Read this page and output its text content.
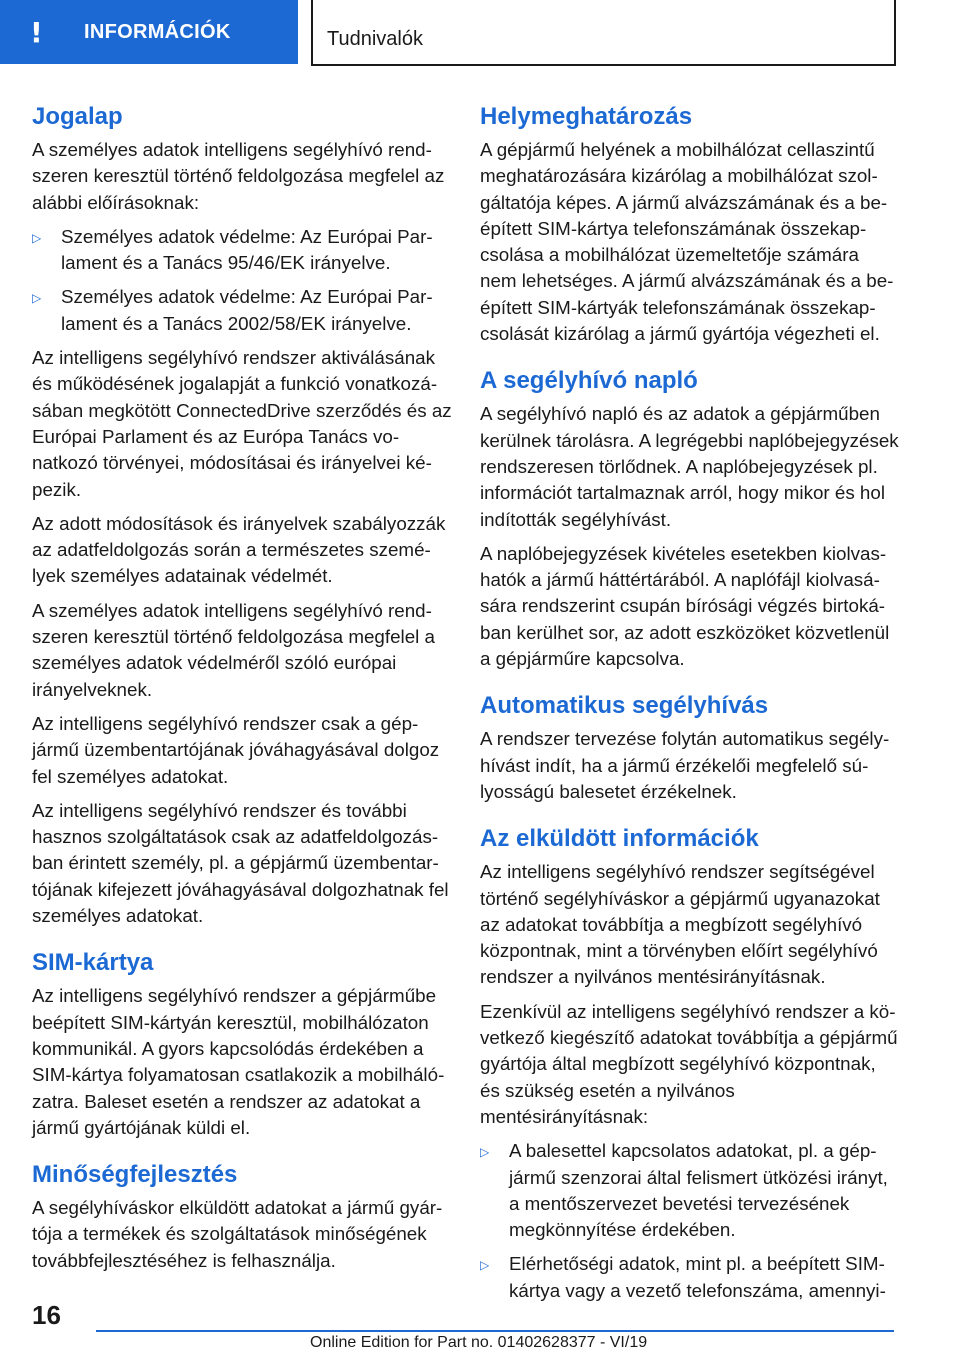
!	INFORMÁCIÓK	Tudnivalók
Jogalap

A személyes adatok intelligens segélyhívó rendszeren keresztül történő feldolgozása megfelel az alábbi előírásoknak:

▷ Személyes adatok védelme: Az Európai Parlament és a Tanács 95/46/EK irányelve.
▷ Személyes adatok védelme: Az Európai Parlament és a Tanács 2002/58/EK irányelve.

Az intelligens segélyhívó rendszer aktiválásának és működésének jogalapját a funkció vonatkozásában megkötött ConnectedDrive szerződés és az Európai Parlament és az Európa Tanács vonatkozó törvényei, módosításai és irányelvei képezik.

Az adott módosítások és irányelvek szabályozzák az adatfeldolgozás során a természetes személyek személyes adatainak védelmét.

A személyes adatok intelligens segélyhívó rendszeren keresztül történő feldolgozása megfelel a személyes adatok védelméről szóló európai irányelveknek.

Az intelligens segélyhívó rendszer csak a gépjármű üzembentartójának jóváhagyásával dolgoz fel személyes adatokat.

Az intelligens segélyhívó rendszer és további hasznos szolgáltatások csak az adatfeldolgozásban érintett személy, pl. a gépjármű üzembentartójának kifejezett jóváhagyásával dolgozhatnak fel személyes adatokat.

SIM-kártya

Az intelligens segélyhívó rendszer a gépjárműbe beépített SIM-kártyán keresztül, mobilhálózaton kommunikál. A gyors kapcsolódás érdekében a SIM-kártya folyamatosan csatlakozik a mobilhálózatra. Baleset esetén a rendszer az adatokat a jármű gyártójának küldi el.

Minőségfejlesztés

A segélyhíváskor elküldött adatokat a jármű gyártója a termékek és szolgáltatások minőségének továbbfejlesztéséhez is felhasználja.

Helymeghatározás

A gépjármű helyének a mobilhálózat cellaszintű meghatározására kizárólag a mobilhálózat szolgáltatója képes. A jármű alvázszámának és a beépített SIM-kártya telefonszámának összekapcsolása a mobilhálózat üzemeltetője számára nem lehetséges. A jármű alvázszámának és a beépített SIM-kártyák telefonszámának összekapcsolását kizárólag a jármű gyártója végezheti el.

A segélyhívó napló

A segélyhívó napló és az adatok a gépjárműben kerülnek tárolásra. A legrégebbi naplóbejegyzések rendszeresen törlődnek. A naplóbejegyzések pl. információt tartalmaznak arról, hogy mikor és hol indították segélyhívást.

A naplóbejegyzések kivételes esetekben kiolvashatók a jármű háttértárából. A naplófájl kiolvasására rendszerint csupán bírósági végzés birtokában kerülhet sor, az adott eszközöket közvetlenül a gépjárműre kapcsolva.

Automatikus segélyhívás

A rendszer tervezése folytán automatikus segélyhívást indít, ha a jármű érzékelői megfelelő súlyosságú balesetet érzékelnek.

Az elküldött információk

Az intelligens segélyhívó rendszer segítségével történő segélyhíváskor a gépjármű ugyanazokat az adatokat továbbítja a megbízott segélyhívó központnak, mint a törvényben előírt segélyhívó rendszer a nyilvános mentésirányításnak.

Ezenkívül az intelligens segélyhívó rendszer a következő kiegészítő adatokat továbbítja a gépjármű gyártója által megbízott segélyhívó központnak, és szükség esetén a nyilvános mentésirányításnak:

▷ A balesettel kapcsolatos adatokat, pl. a gépjármű szenzorai által felismert ütközési irányt, a mentőszervezet bevetési tervezésének megkönnyítése érdekében.
▷ Elérhetőségi adatok, mint pl. a beépített SIM-kártya vagy a vezető telefonszáma, amennyi-
16
Online Edition for Part no. 01402628377 - VI/19
